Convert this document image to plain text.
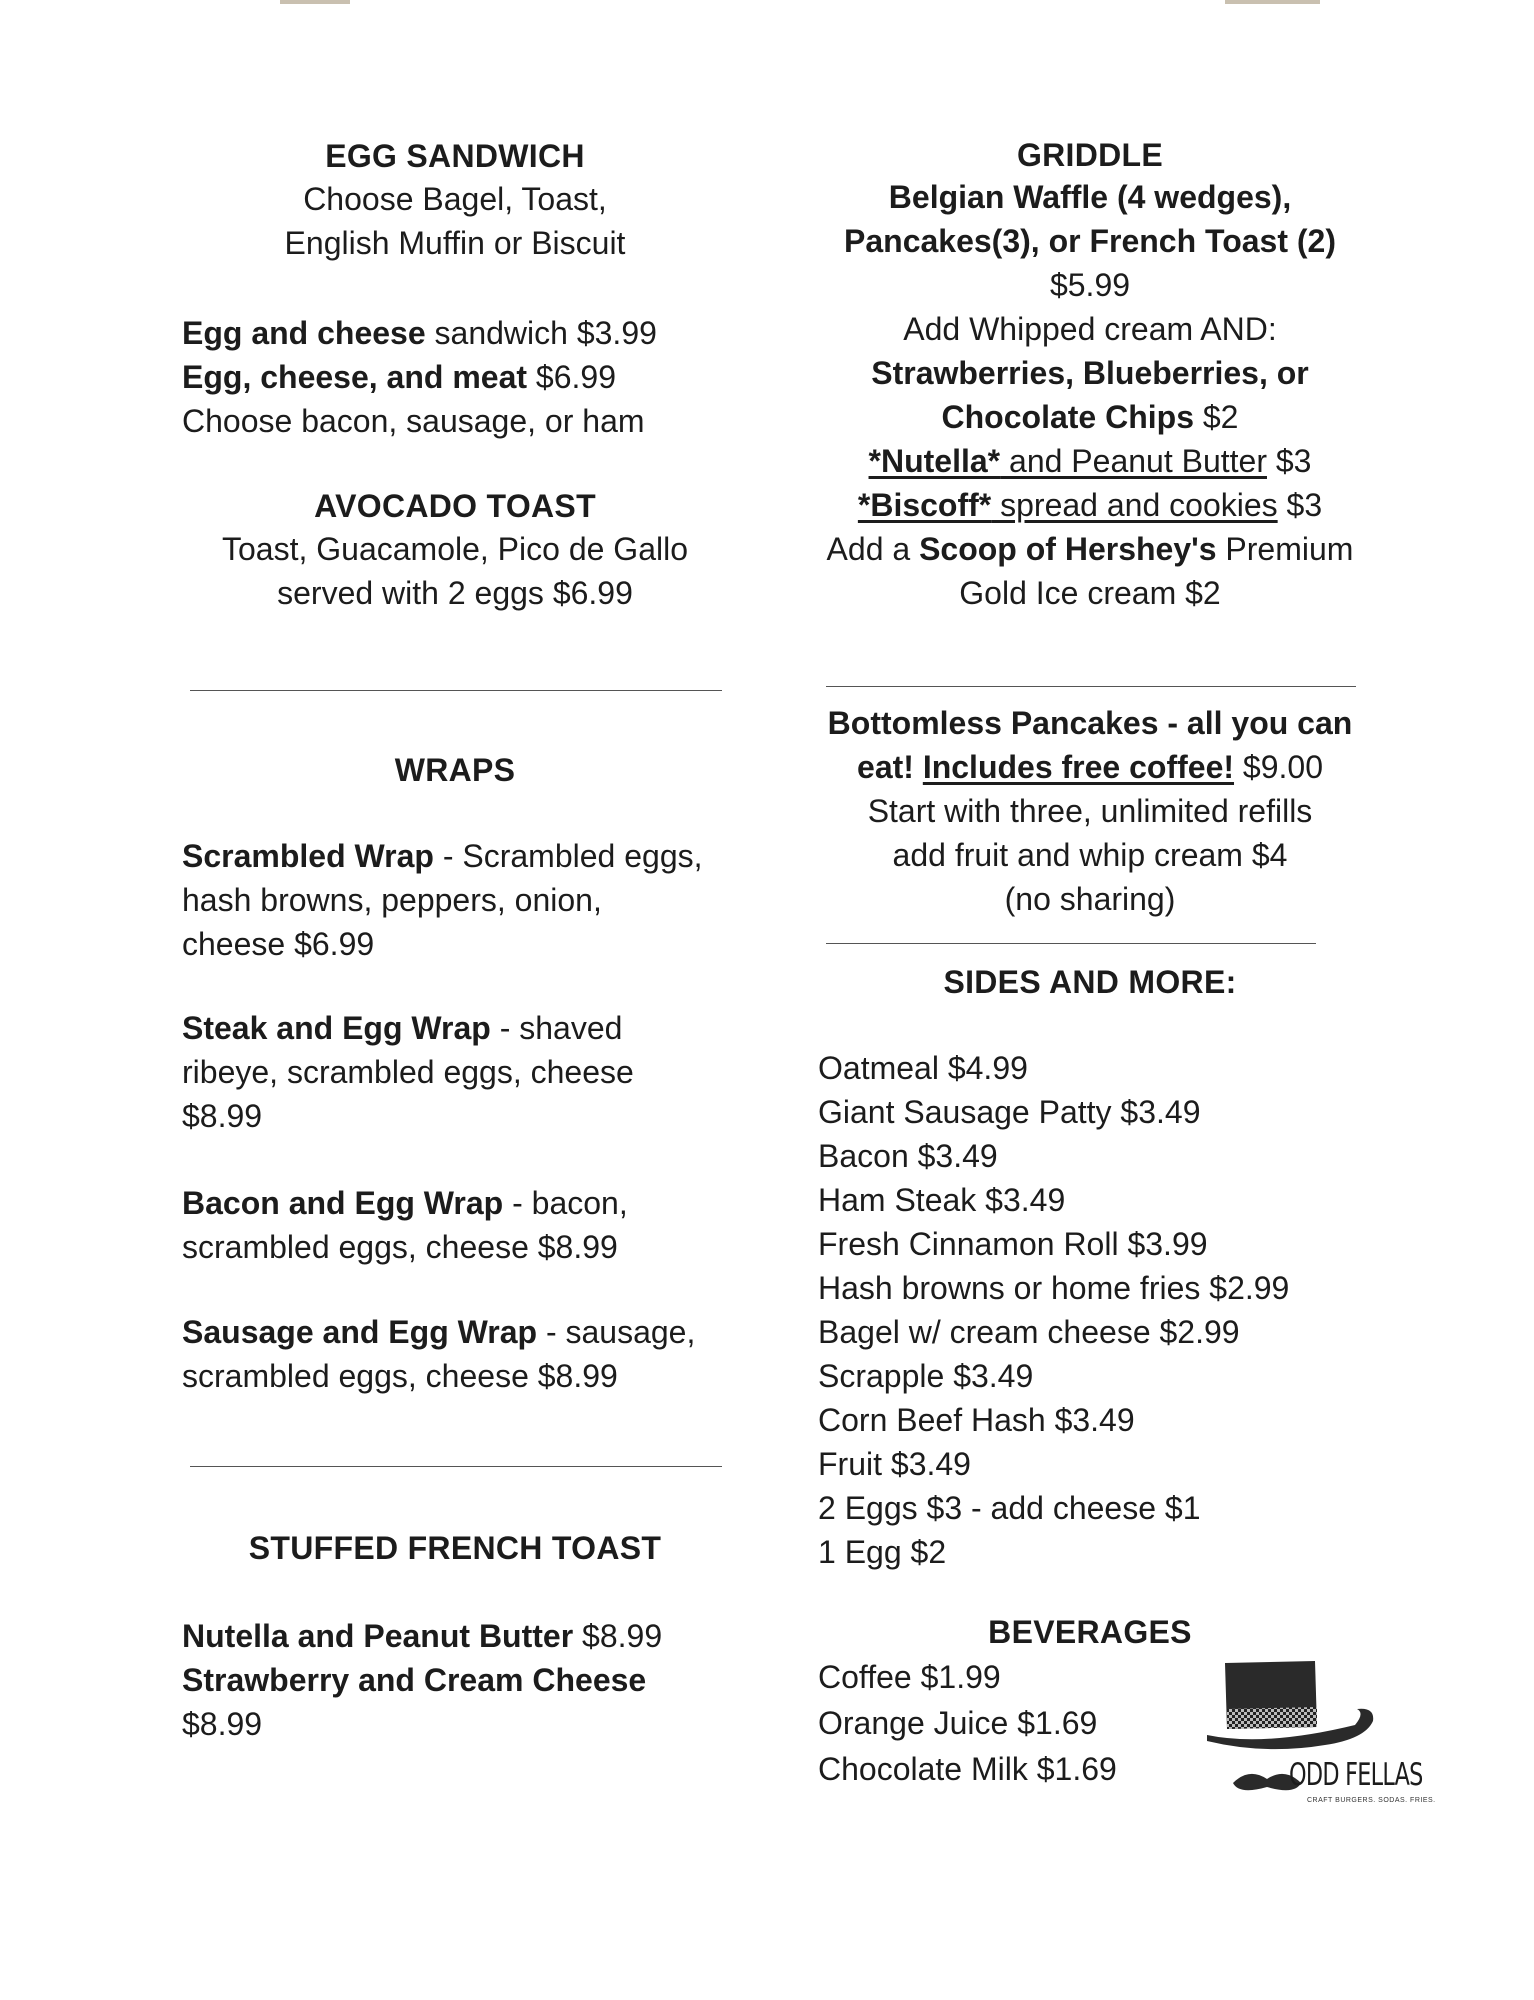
EGG SANDWICH
Choose Bagel, Toast,
English Muffin or Biscuit
Egg and cheese sandwich $3.99
Egg, cheese, and meat $6.99
Choose bacon, sausage, or ham
AVOCADO TOAST
Toast, Guacamole, Pico de Gallo
served with 2 eggs $6.99
WRAPS
Scrambled Wrap - Scrambled eggs,
hash browns, peppers, onion,
cheese $6.99
Steak and Egg Wrap - shaved
ribeye, scrambled eggs, cheese
$8.99
Bacon and Egg Wrap - bacon,
scrambled eggs, cheese $8.99
Sausage and Egg Wrap - sausage,
scrambled eggs, cheese $8.99
STUFFED FRENCH TOAST
Nutella and Peanut Butter $8.99
Strawberry and Cream Cheese
$8.99
GRIDDLE
Belgian Waffle (4 wedges),
Pancakes(3), or French Toast (2)
$5.99
Add Whipped cream AND:
Strawberries, Blueberries, or
Chocolate Chips $2
*Nutella* and Peanut Butter $3
*Biscoff* spread and cookies $3
Add a Scoop of Hershey's Premium
Gold Ice cream $2
Bottomless Pancakes - all you can
eat! Includes free coffee! $9.00
Start with three, unlimited refills
add fruit and whip cream $4
(no sharing)
SIDES AND MORE:
Oatmeal $4.99
Giant Sausage Patty $3.49
Bacon $3.49
Ham Steak $3.49
Fresh Cinnamon Roll $3.99
Hash browns or home fries $2.99
Bagel w/ cream cheese $2.99
Scrapple $3.49
Corn Beef Hash $3.49
Fruit $3.49
2 Eggs $3 - add cheese $1
1 Egg $2
BEVERAGES
Coffee $1.99
Orange Juice $1.69
Chocolate Milk $1.69	ODD FELLAS
CRAFT BURGERS. SODAS. FRIES.
